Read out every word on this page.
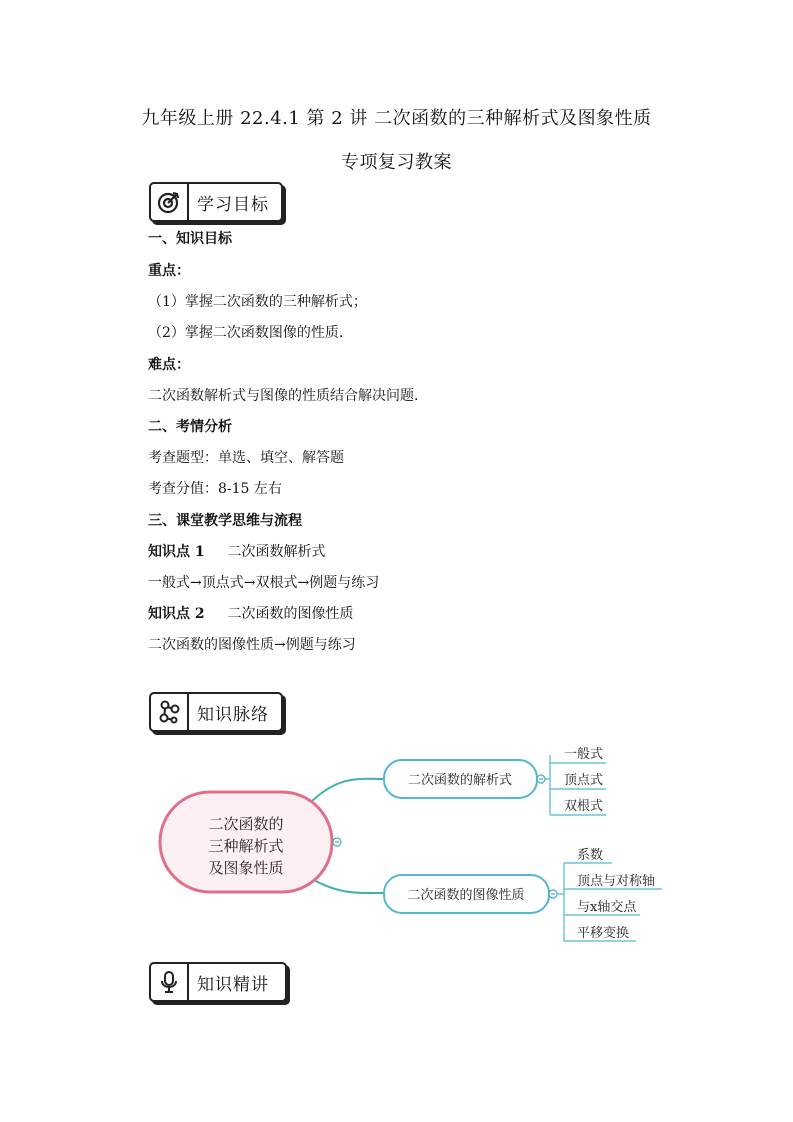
九年级上册 22.4.1 第 2 讲 二次函数的三种解析式及图象性质
专项复习教案
学习目标
一、知识目标
重点：
（1）掌握二次函数的三种解析式；
（2）掌握二次函数图像的性质.
难点：
二次函数解析式与图像的性质结合解决问题.
二、考情分析
考查题型：单选、填空、解答题
考查分值：8-15 左右
三、课堂教学思维与流程
知识点 1 二次函数解析式
一般式→顶点式→双根式→例题与练习
知识点 2 二次函数的图像性质
二次函数的图像性质→例题与练习
知识脉络
二次函数的
三种解析式
及图象性质
二次函数的解析式
一般式
顶点式
双根式
二次函数的图像性质
系数
顶点与对称轴
与x轴交点
平移变换
知识精讲
